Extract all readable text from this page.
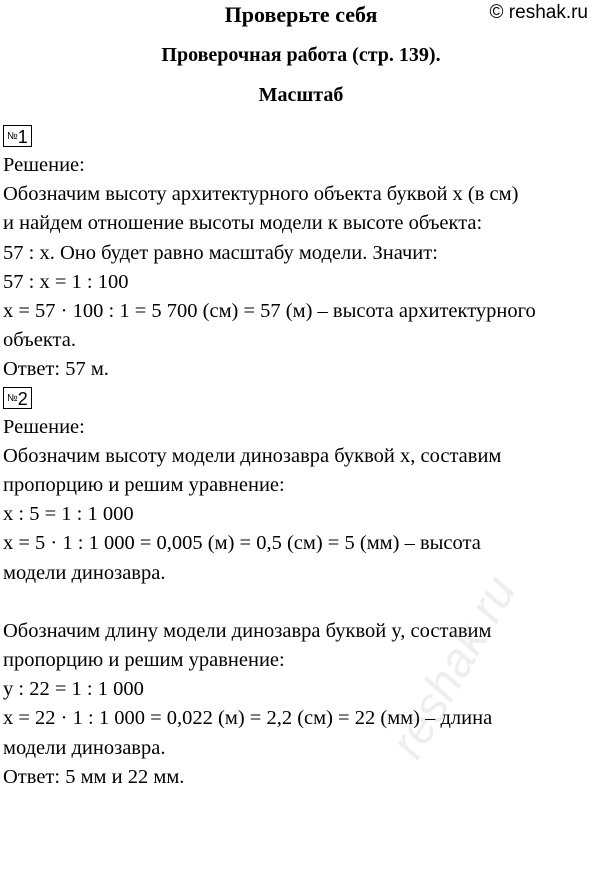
Проверьте себя	© reshak.ru
Проверочная работа (стр. 139).
Масштаб
№1
Решение:
Обозначим высоту архитектурного объекта буквой x (в см)
и найдем отношение высоты модели к высоте объекта:
57 : x. Оно будет равно масштабу модели. Значит:
57 : x = 1 : 100
x = 57 · 100 : 1 = 5 700 (см) = 57 (м) – высота архитектурного
объекта.
Ответ: 57 м.
№2
Решение:
Обозначим высоту модели динозавра буквой x, составим
пропорцию и решим уравнение:
x : 5 = 1 : 1 000
x = 5 · 1 : 1 000 = 0,005 (м) = 0,5 (см) = 5 (мм) – высота
модели динозавра.
Обозначим длину модели динозавра буквой y, составим
пропорцию и решим уравнение:
y : 22 = 1 : 1 000
x = 22 · 1 : 1 000 = 0,022 (м) = 2,2 (см) = 22 (мм) – длина
модели динозавра.
Ответ: 5 мм и 22 мм.
reshak.ru
